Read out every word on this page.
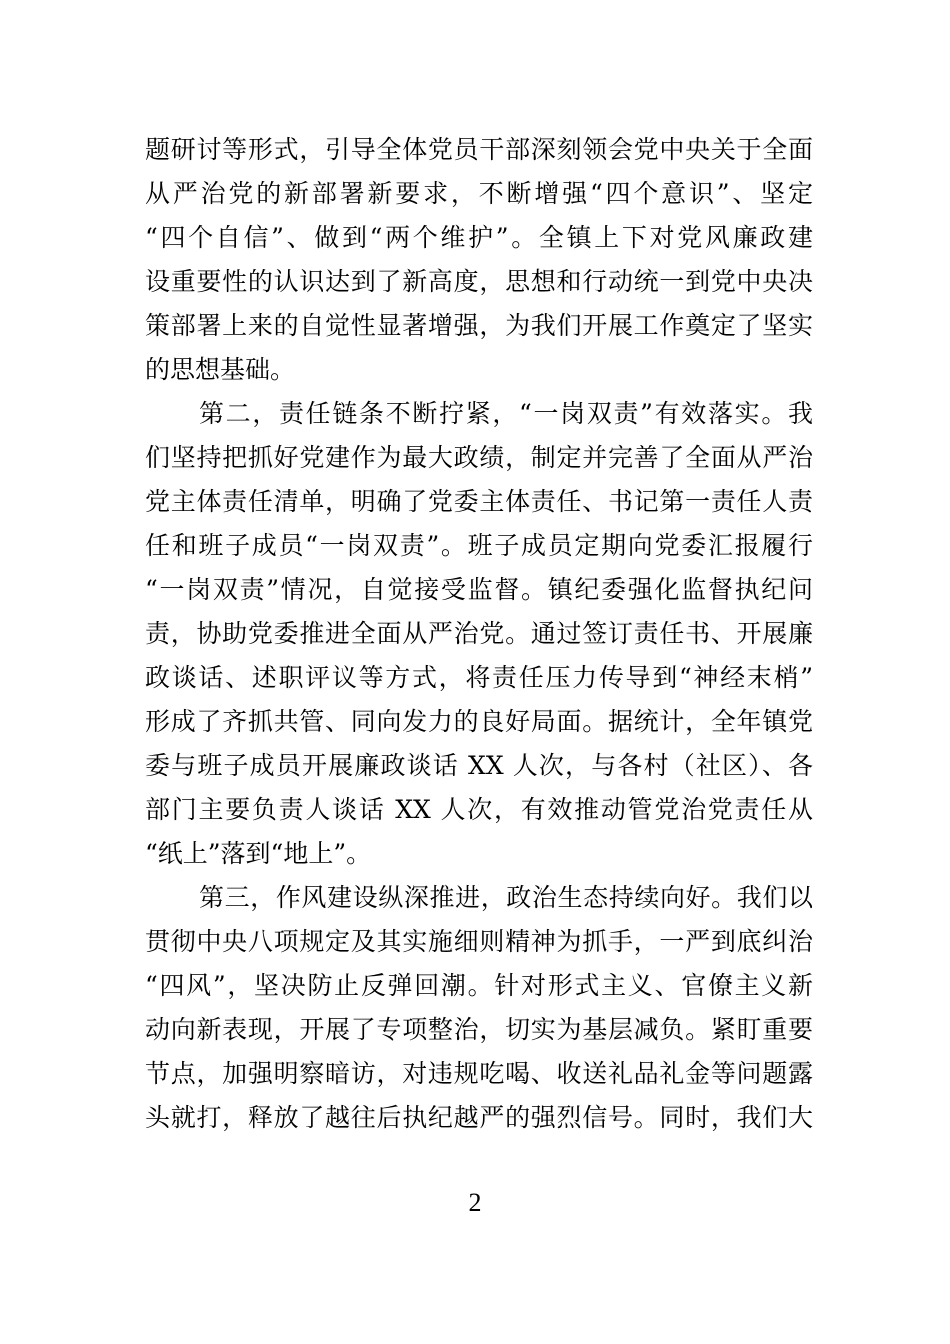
题研讨等形式，引导全体党员干部深刻领会党中央关于全面
从严治党的新部署新要求，不断增强“四个意识”、坚定
“四个自信”、做到“两个维护”。全镇上下对党风廉政建
设重要性的认识达到了新高度，思想和行动统一到党中央决
策部署上来的自觉性显著增强，为我们开展工作奠定了坚实
的思想基础。
第二，责任链条不断拧紧，“一岗双责”有效落实。我
们坚持把抓好党建作为最大政绩，制定并完善了全面从严治
党主体责任清单，明确了党委主体责任、书记第一责任人责
任和班子成员“一岗双责”。班子成员定期向党委汇报履行
“一岗双责”情况，自觉接受监督。镇纪委强化监督执纪问
责，协助党委推进全面从严治党。通过签订责任书、开展廉
政谈话、述职评议等方式，将责任压力传导到“神经末梢”
形成了齐抓共管、同向发力的良好局面。据统计，全年镇党
委与班子成员开展廉政谈话 XX 人次，与各村（社区）、各
部门主要负责人谈话 XX 人次，有效推动管党治党责任从
“纸上”落到“地上”。
第三，作风建设纵深推进，政治生态持续向好。我们以
贯彻中央八项规定及其实施细则精神为抓手，一严到底纠治
“四风”，坚决防止反弹回潮。针对形式主义、官僚主义新
动向新表现，开展了专项整治，切实为基层减负。紧盯重要
节点，加强明察暗访，对违规吃喝、收送礼品礼金等问题露
头就打，释放了越往后执纪越严的强烈信号。同时，我们大
2
